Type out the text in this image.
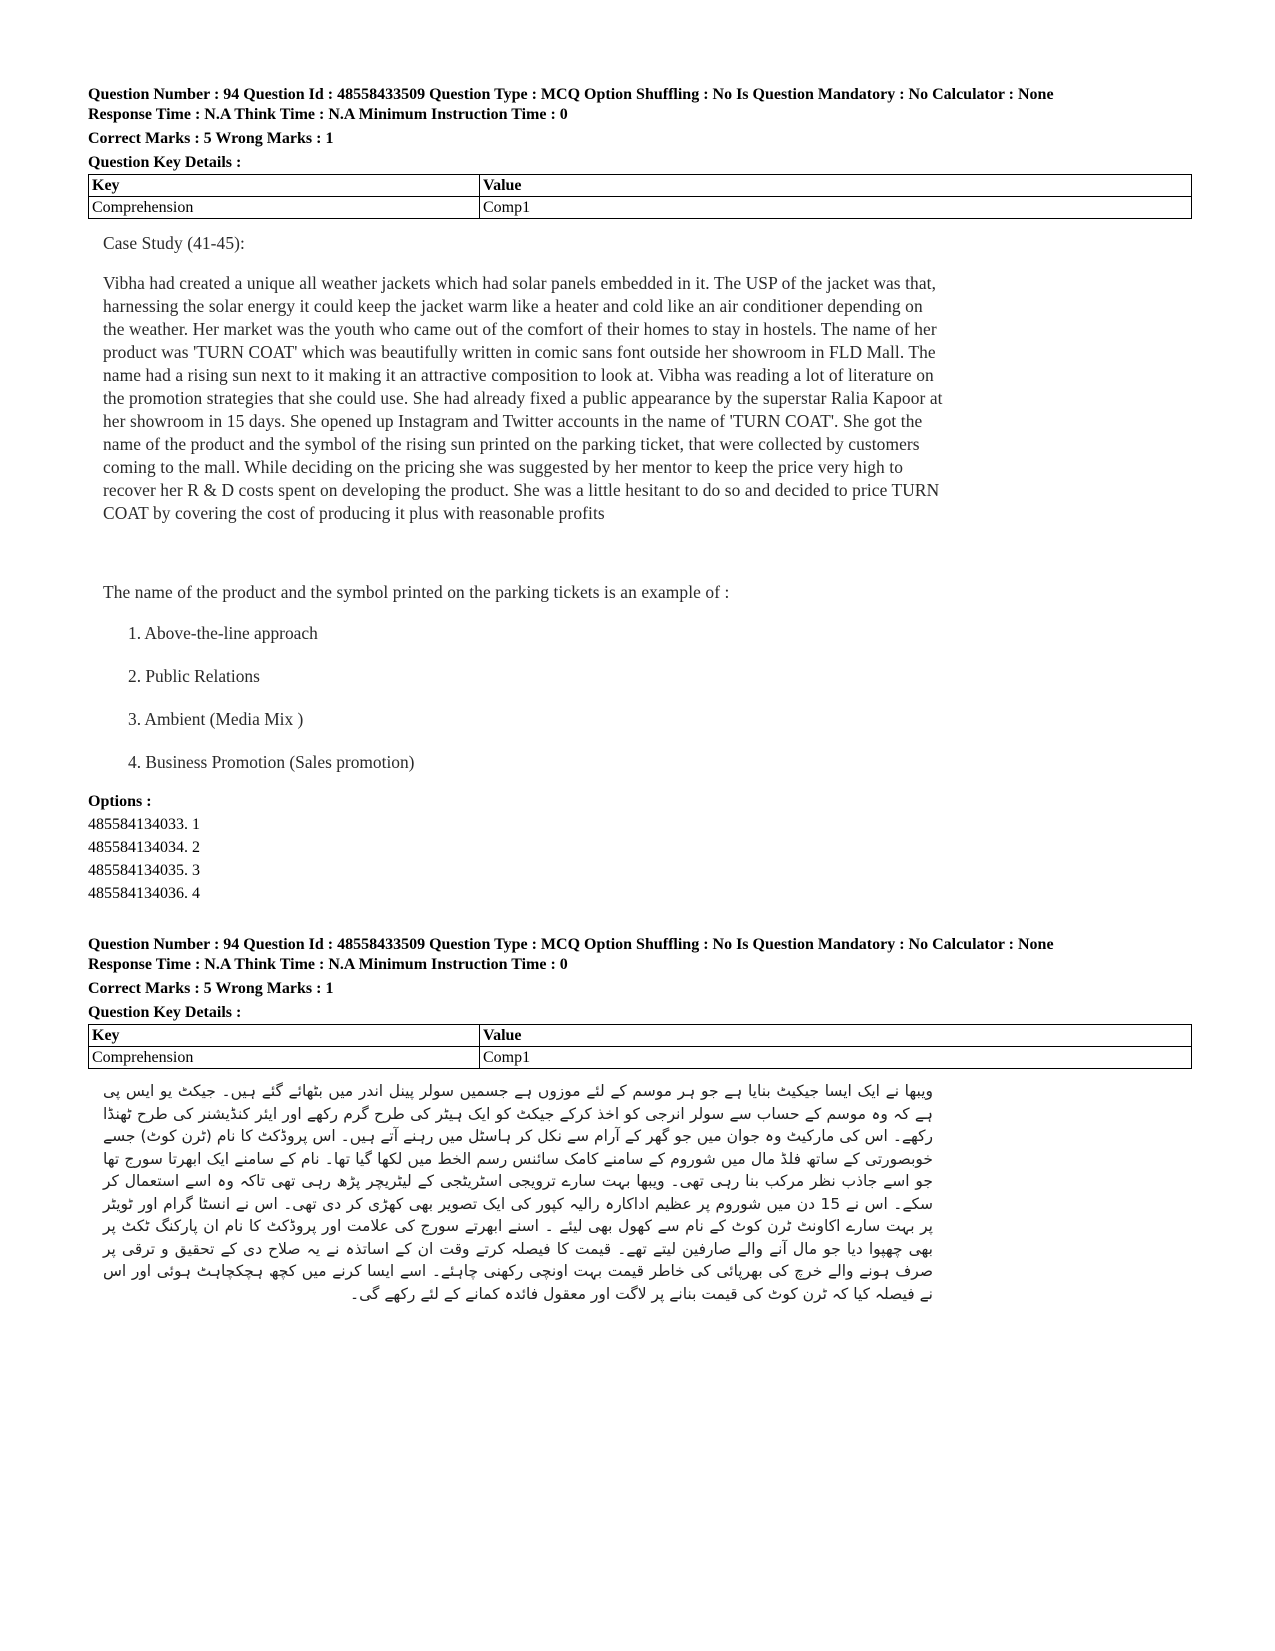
Question Number : 94 Question Id : 48558433509 Question Type : MCQ Option Shuffling : No Is Question Mandatory : No Calculator : None
Response Time : N.A Think Time : N.A Minimum Instruction Time : 0
Correct Marks : 5 Wrong Marks : 1
Question Key Details :
Key	Value
Comprehension	Comp1
Case Study (41-45):

Vibha had created a unique all weather jackets which had solar panels embedded in it. The USP of the jacket was that, harnessing the solar energy it could keep the jacket warm like a heater and cold like an air conditioner depending on the weather. Her market was the youth who came out of the comfort of their homes to stay in hostels. The name of her product was 'TURN COAT' which was beautifully written in comic sans font outside her showroom in FLD Mall. The name had a rising sun next to it making it an attractive composition to look at. Vibha was reading a lot of literature on the promotion strategies that she could use. She had already fixed a public appearance by the superstar Ralia Kapoor at her showroom in 15 days. She opened up Instagram and Twitter accounts in the name of 'TURN COAT'. She got the name of the product and the symbol of the rising sun printed on the parking ticket, that were collected by customers coming to the mall. While deciding on the pricing she was suggested by her mentor to keep the price very high to recover her R & D costs spent on developing the product. She was a little hesitant to do so and decided to price TURN COAT by covering the cost of producing it plus with reasonable profits

The name of the product and the symbol printed on the parking tickets is an example of :
1. Above-the-line approach
2. Public Relations
3. Ambient (Media Mix )
4. Business Promotion (Sales promotion)
Options :
485584134033. 1
485584134034. 2
485584134035. 3
485584134036. 4
Question Number : 94 Question Id : 48558433509 Question Type : MCQ Option Shuffling : No Is Question Mandatory : No Calculator : None
Response Time : N.A Think Time : N.A Minimum Instruction Time : 0
Correct Marks : 5 Wrong Marks : 1
Question Key Details :
Key	Value
Comprehension	Comp1
ویبھا نے ایک ایسا جیکیٹ بنایا ہے جو ہر موسم کے لئے موزوں ہے جسمیں سولر پینل اندر میں بٹھائے گئے ہیں۔ جیکٹ یو ایس پی ہے کہ وہ موسم کے حساب سے سولر انرجی کو اخذ کرکے جیکٹ کو ایک ہیٹر کی طرح گرم رکھے اور ایئر کنڈیشنر کی طرح ٹھنڈا رکھے۔ اس کی مارکیٹ وہ جوان میں جو گھر کے آرام سے نکل کر ہاسٹل میں رہنے آتے ہیں۔ اس پروڈکٹ کا نام (ٹرن کوٹ) جسے خوبصورتی کے ساتھ فلڈ مال میں شوروم کے سامنے کامک سائنس رسم الخط میں لکھا گیا تھا۔ نام کے سامنے ایک ابھرتا سورج تھا جو اسے جاذب نظر مرکب بنا رہی تھی۔ ویبھا بہت سارے ترویجی اسٹریٹجی کے لیٹریچر پڑھ رہی تھی تاکہ وہ اسے استعمال کر سکے۔ اس نے 15 دن میں شوروم پر عظیم اداکارہ رالیہ کپور کی ایک تصویر بھی کھڑی کر دی تھی۔ اس نے انسٹا گرام اور ٹویٹر پر بہت سارے اکاونٹ ٹرن کوٹ کے نام سے کھول بھی لیئے ۔ اسنے ابھرتے سورج کی علامت اور پروڈکٹ کا نام ان پارکنگ ٹکٹ پر بھی چھپوا دیا جو مال آنے والے صارفین لیتے تھے۔ قیمت کا فیصلہ کرتے وقت ان کے اساتذہ نے یہ صلاح دی کے تحقیق و ترقی پر صرف ہونے والے خرچ کی بھرپائی کی خاطر قیمت بہت اونچی رکھنی چاہئے۔ اسے ایسا کرنے میں کچھ ہچکچاہٹ ہوئی اور اس نے فیصلہ کیا کہ ٹرن کوٹ کی قیمت بنانے پر لاگت اور معقول فائدہ کمانے کے لئے رکھے گی۔
